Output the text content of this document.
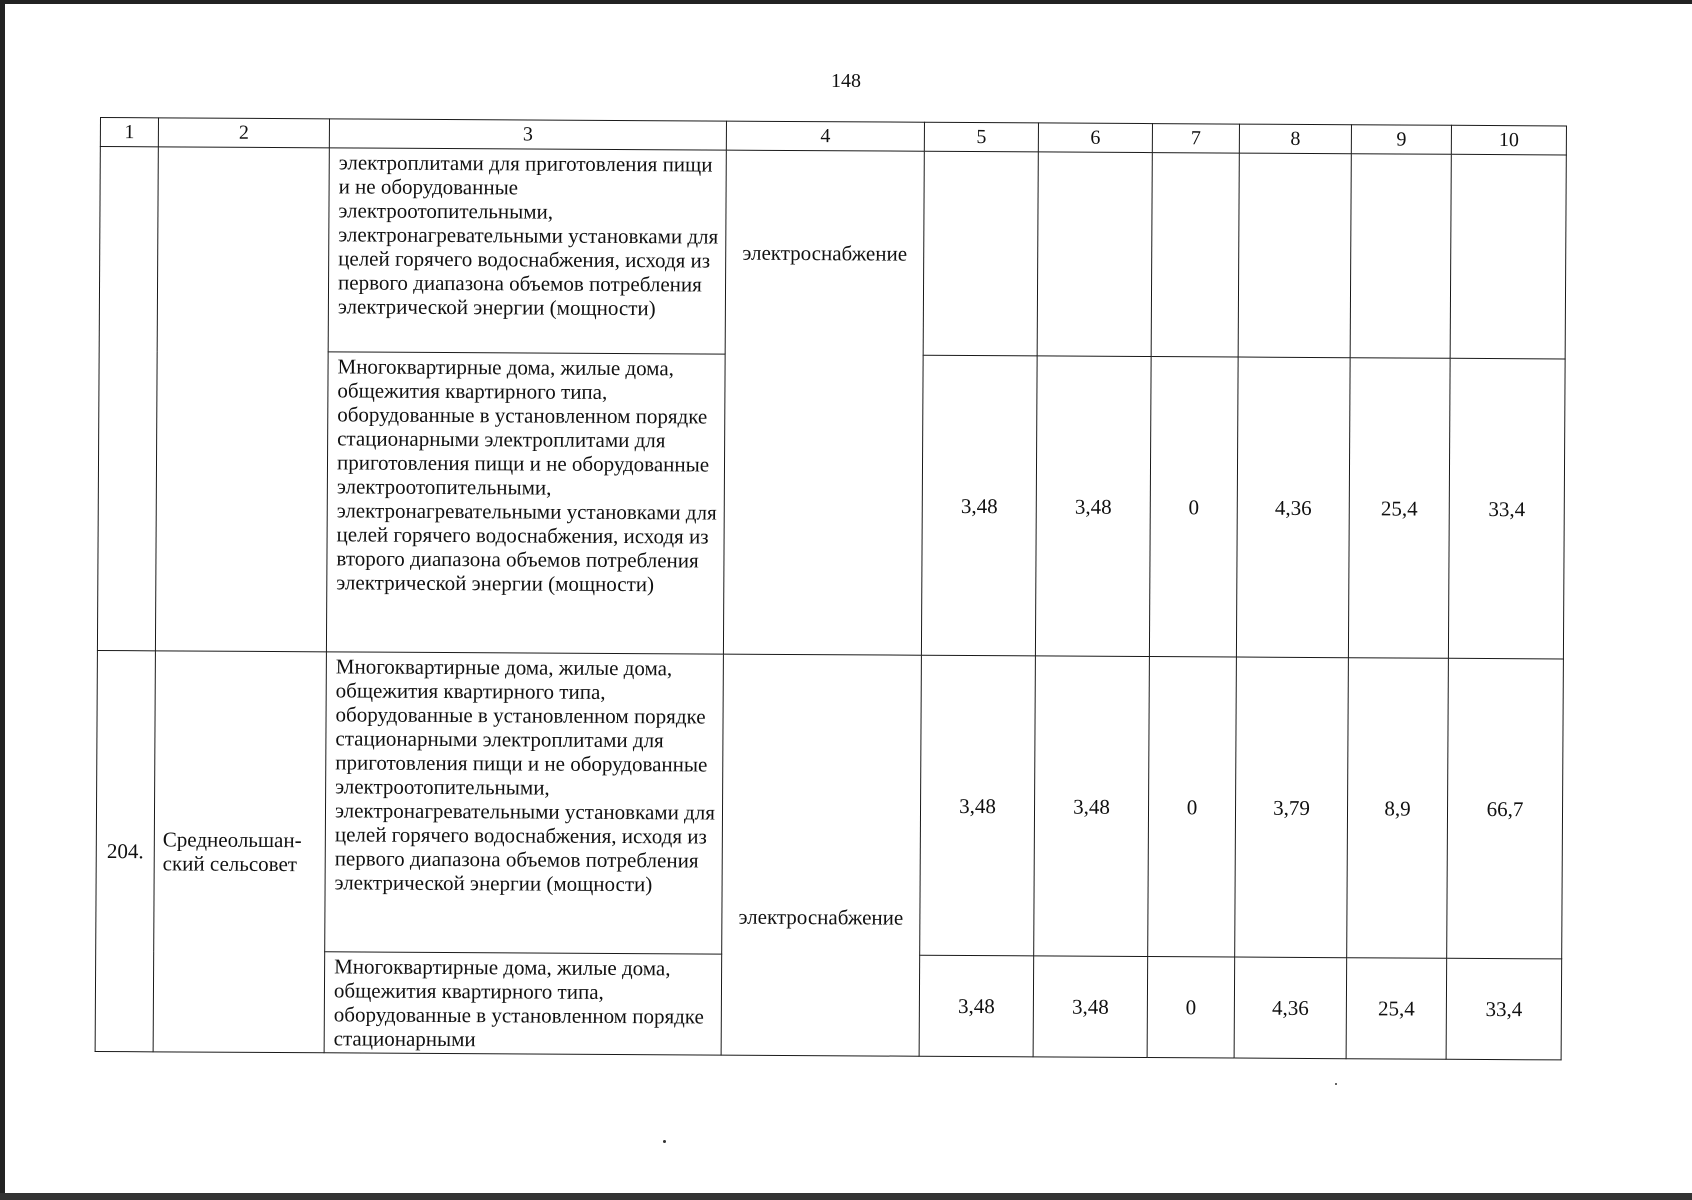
148
1	2	3	4	5	6	7	8	9	10
		электроплитами для приготовления пищи и не оборудованные электроотопительными, электронагревательными установками для целей горячего водоснабжения, исходя из первого диапазона объемов потребления электрической энергии (мощности)	электроснабжение						
		Многоквартирные дома, жилые дома, общежития квартирного типа, оборудованные в установленном порядке стационарными электроплитами для приготовления пищи и не оборудованные электроотопительными, электронагревательными установками для целей горячего водоснабжения, исходя из второго диапазона объемов потребления электрической энергии (мощности)		3,48	3,48	0	4,36	25,4	33,4
204.	Среднеольшан-ский сельсовет	Многоквартирные дома, жилые дома, общежития квартирного типа, оборудованные в установленном порядке стационарными электроплитами для приготовления пищи и не оборудованные электроотопительными, электронагревательными установками для целей горячего водоснабжения, исходя из первого диапазона объемов потребления электрической энергии (мощности)	электроснабжение	3,48	3,48	0	3,79	8,9	66,7
		Многоквартирные дома, жилые дома, общежития квартирного типа, оборудованные в установленном порядке стационарными		3,48	3,48	0	4,36	25,4	33,4
